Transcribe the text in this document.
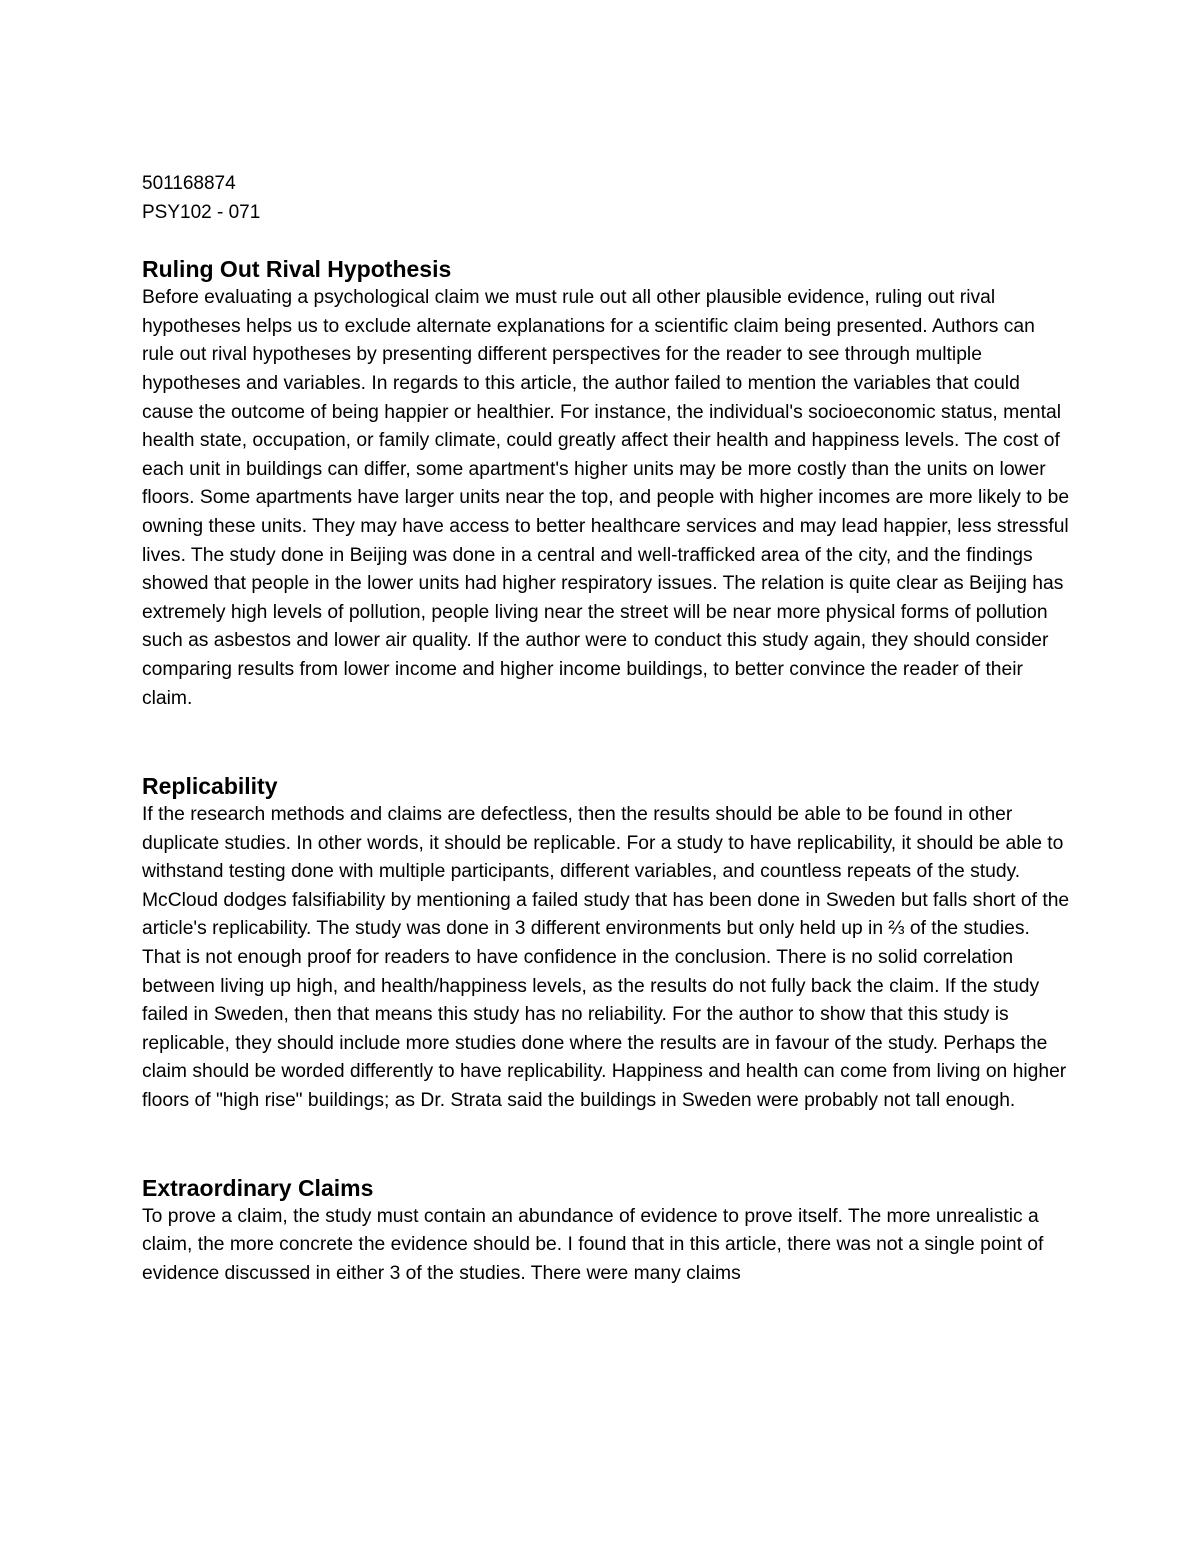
501168874

PSY102 - 071

Ruling Out Rival Hypothesis

Before evaluating a psychological claim we must rule out all other plausible evidence, ruling out rival hypotheses helps us to exclude alternate explanations for a scientific claim being presented. Authors can rule out rival hypotheses by presenting different perspectives for the reader to see through multiple hypotheses and variables. In regards to this article, the author failed to mention the variables that could cause the outcome of being happier or healthier. For instance, the individual's socioeconomic status, mental health state, occupation, or family climate, could greatly affect their health and happiness levels. The cost of each unit in buildings can differ, some apartment's higher units may be more costly than the units on lower floors. Some apartments have larger units near the top, and people with higher incomes are more likely to be owning these units. They may have access to better healthcare services and may lead happier, less stressful lives. The study done in Beijing was done in a central and well-trafficked area of the city, and the findings showed that people in the lower units had higher respiratory issues. The relation is quite clear as Beijing has extremely high levels of pollution, people living near the street will be near more physical forms of pollution such as asbestos and lower air quality. If the author were to conduct this study again, they should consider comparing results from lower income and higher income buildings, to better convince the reader of their claim.

Replicability

If the research methods and claims are defectless, then the results should be able to be found in other duplicate studies. In other words, it should be replicable. For a study to have replicability, it should be able to withstand testing done with multiple participants, different variables, and countless repeats of the study. McCloud dodges falsifiability by mentioning a failed study that has been done in Sweden but falls short of the article's replicability. The study was done in 3 different environments but only held up in ⅔ of the studies. That is not enough proof for readers to have confidence in the conclusion. There is no solid correlation between living up high, and health/happiness levels, as the results do not fully back the claim. If the study failed in Sweden, then that means this study has no reliability. For the author to show that this study is replicable, they should include more studies done where the results are in favour of the study. Perhaps the claim should be worded differently to have replicability. Happiness and health can come from living on higher floors of "high rise" buildings; as Dr. Strata said the buildings in Sweden were probably not tall enough.

Extraordinary Claims

To prove a claim, the study must contain an abundance of evidence to prove itself. The more unrealistic a claim, the more concrete the evidence should be. I found that in this article, there was not a single point of evidence discussed in either 3 of the studies. There were many claims
